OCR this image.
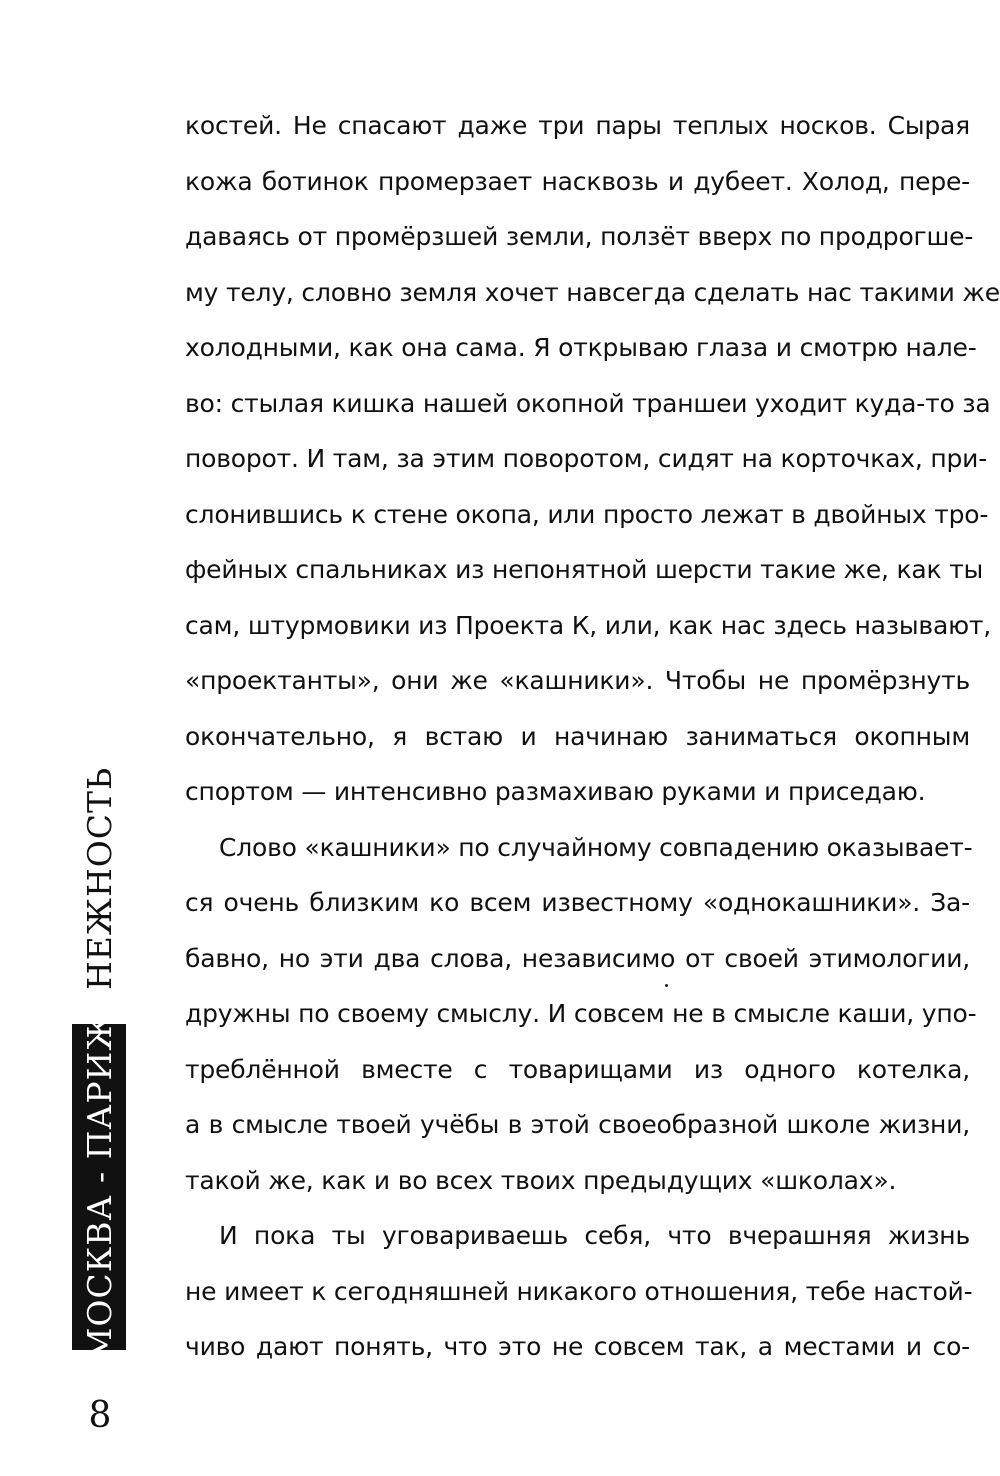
костей. Не спасают даже три пары теплых носков. Сырая
кожа ботинок промерзает насквозь и дубеет. Холод, пере-
даваясь от промёрзшей земли, ползёт вверх по продрогше-
му телу, словно земля хочет навсегда сделать нас такими же
холодными, как она сама. Я открываю глаза и смотрю нале-
во: стылая кишка нашей окопной траншеи уходит куда-то за
поворот. И там, за этим поворотом, сидят на корточках, при-
слонившись к стене окопа, или просто лежат в двойных тро-
фейных спальниках из непонятной шерсти такие же, как ты
сам, штурмовики из Проекта К, или, как нас здесь называют,
«проектанты», они же «кашники». Чтобы не промёрзнуть
окончательно, я встаю и начинаю заниматься окопным
спортом — интенсивно размахиваю руками и приседаю.
Слово «кашники» по случайному совпадению оказывает-
ся очень близким ко всем известному «однокашники». За-
бавно, но эти два слова, независимо от своей этимологии,
дружны по своему смыслу. И совсем не в смысле каши, упо-
треблённой вместе с товарищами из одного котелка,
а в смысле твоей учёбы в этой своеобразной школе жизни,
такой же, как и во всех твоих предыдущих «школах».
И пока ты уговариваешь себя, что вчерашняя жизнь
не имеет к сегодняшней никакого отношения, тебе настой-
чиво дают понять, что это не совсем так, а местами и со-
МОСКВА - ПАРИЖ
НЕЖНОСТЬ
8
